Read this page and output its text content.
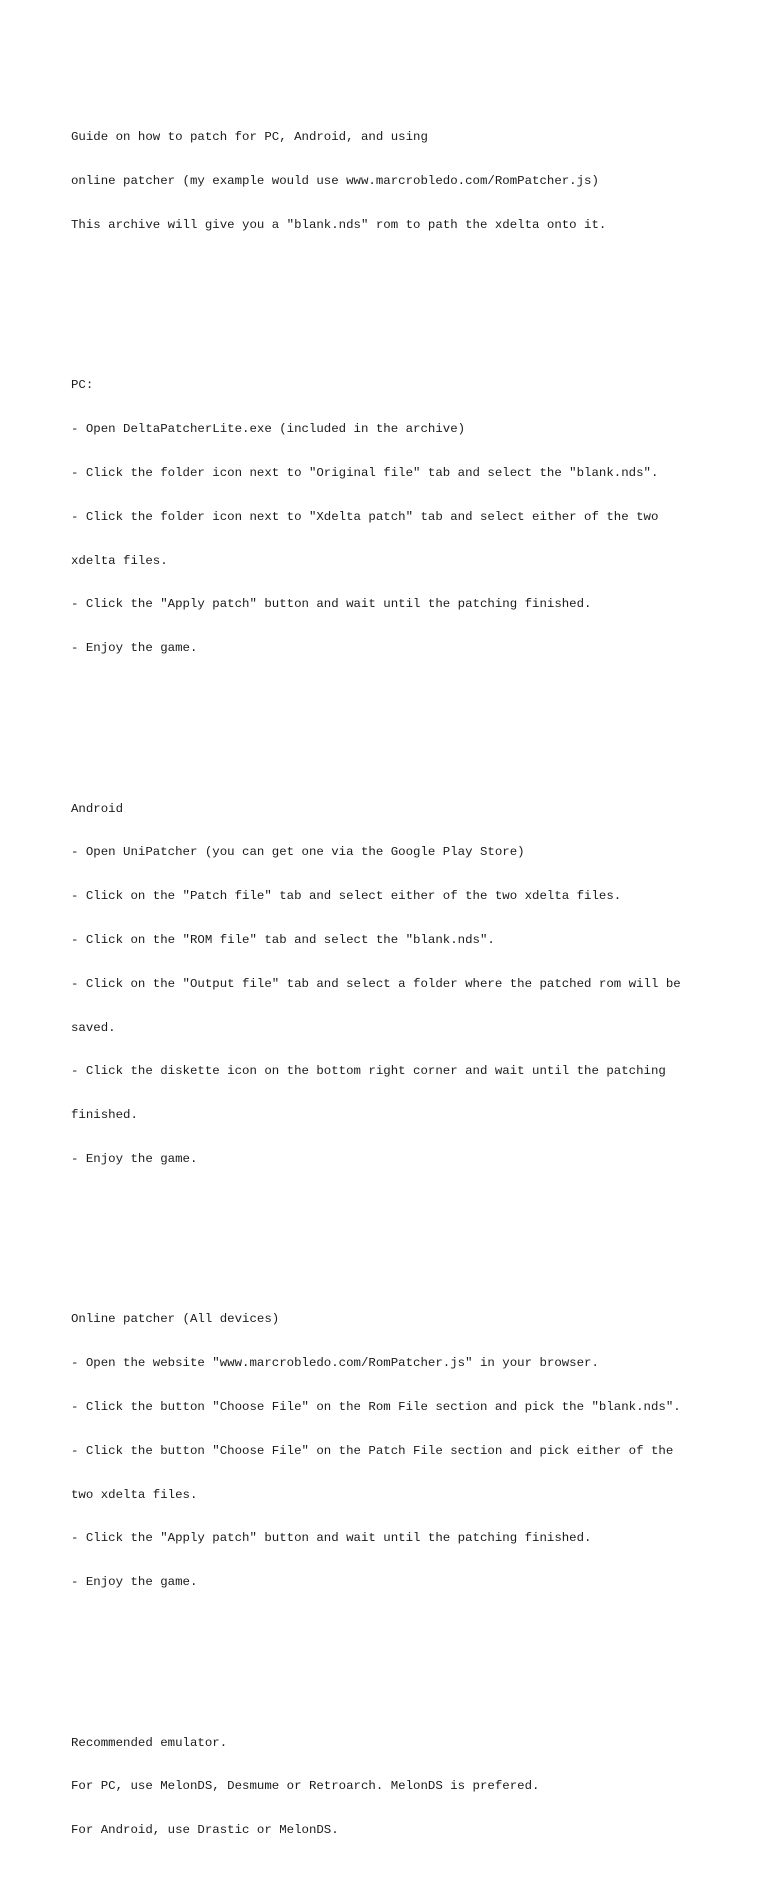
Guide on how to patch for PC, Android, and using

online patcher (my example would use www.marcrobledo.com/RomPatcher.js)

This archive will give you a "blank.nds" rom to path the xdelta onto it.

PC:

- Open DeltaPatcherLite.exe (included in the archive)

- Click the folder icon next to "Original file" tab and select the "blank.nds".

- Click the folder icon next to "Xdelta patch" tab and select either of the two

xdelta files.

- Click the "Apply patch" button and wait until the patching finished.

- Enjoy the game.

Android

- Open UniPatcher (you can get one via the Google Play Store)

- Click on the "Patch file" tab and select either of the two xdelta files.

- Click on the "ROM file" tab and select the "blank.nds".

- Click on the "Output file" tab and select a folder where the patched rom will be

saved.

- Click the diskette icon on the bottom right corner and wait until the patching

finished.

- Enjoy the game.

Online patcher (All devices)

- Open the website "www.marcrobledo.com/RomPatcher.js" in your browser.

- Click the button "Choose File" on the Rom File section and pick the "blank.nds".

- Click the button "Choose File" on the Patch File section and pick either of the

two xdelta files.

- Click the "Apply patch" button and wait until the patching finished.

- Enjoy the game.

Recommended emulator.

For PC, use MelonDS, Desmume or Retroarch. MelonDS is prefered.

For Android, use Drastic or MelonDS.
